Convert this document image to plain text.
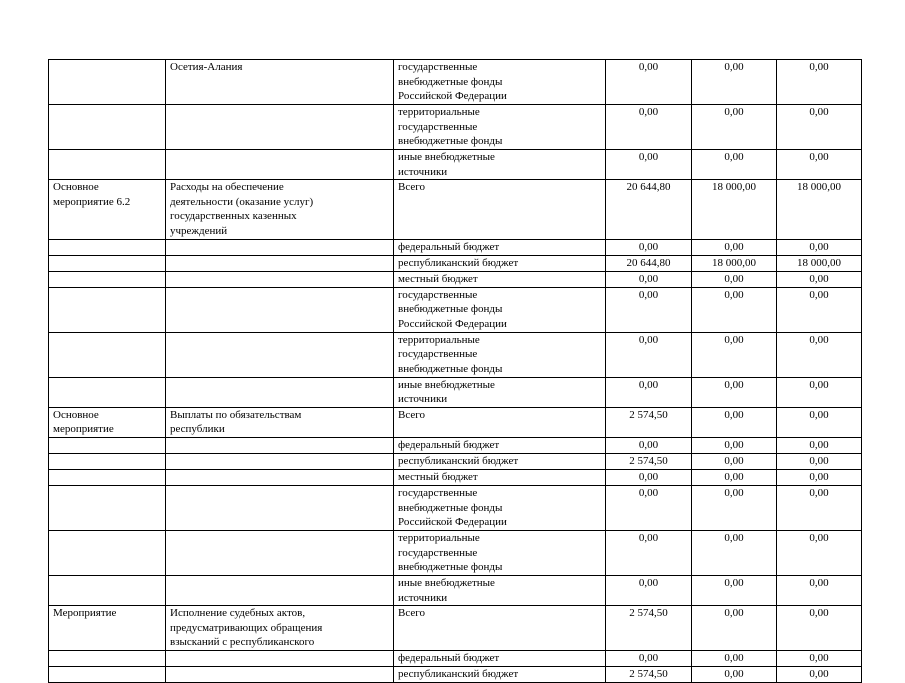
	Осетия-Алания	государственные
внебюджетные фонды
Российской Федерации	0,00	0,00	0,00
		территориальные
государственные
внебюджетные фонды	0,00	0,00	0,00
		иные внебюджетные
источники	0,00	0,00	0,00
Основное
мероприятие 6.2	Расходы на обеспечение
деятельности (оказание услуг)
государственных казенных
учреждений	Всего	20 644,80	18 000,00	18 000,00
		федеральный бюджет	0,00	0,00	0,00
		республиканский бюджет	20 644,80	18 000,00	18 000,00
		местный бюджет	0,00	0,00	0,00
		государственные
внебюджетные фонды
Российской Федерации	0,00	0,00	0,00
		территориальные
государственные
внебюджетные фонды	0,00	0,00	0,00
		иные внебюджетные
источники	0,00	0,00	0,00
Основное
мероприятие	Выплаты по обязательствам
республики	Всего	2 574,50	0,00	0,00
		федеральный бюджет	0,00	0,00	0,00
		республиканский бюджет	2 574,50	0,00	0,00
		местный бюджет	0,00	0,00	0,00
		государственные
внебюджетные фонды
Российской Федерации	0,00	0,00	0,00
		территориальные
государственные
внебюджетные фонды	0,00	0,00	0,00
		иные внебюджетные
источники	0,00	0,00	0,00
Мероприятие	Исполнение судебных актов,
предусматривающих обращения
взысканий с республиканского	Всего	2 574,50	0,00	0,00
		федеральный бюджет	0,00	0,00	0,00
		республиканский бюджет	2 574,50	0,00	0,00
